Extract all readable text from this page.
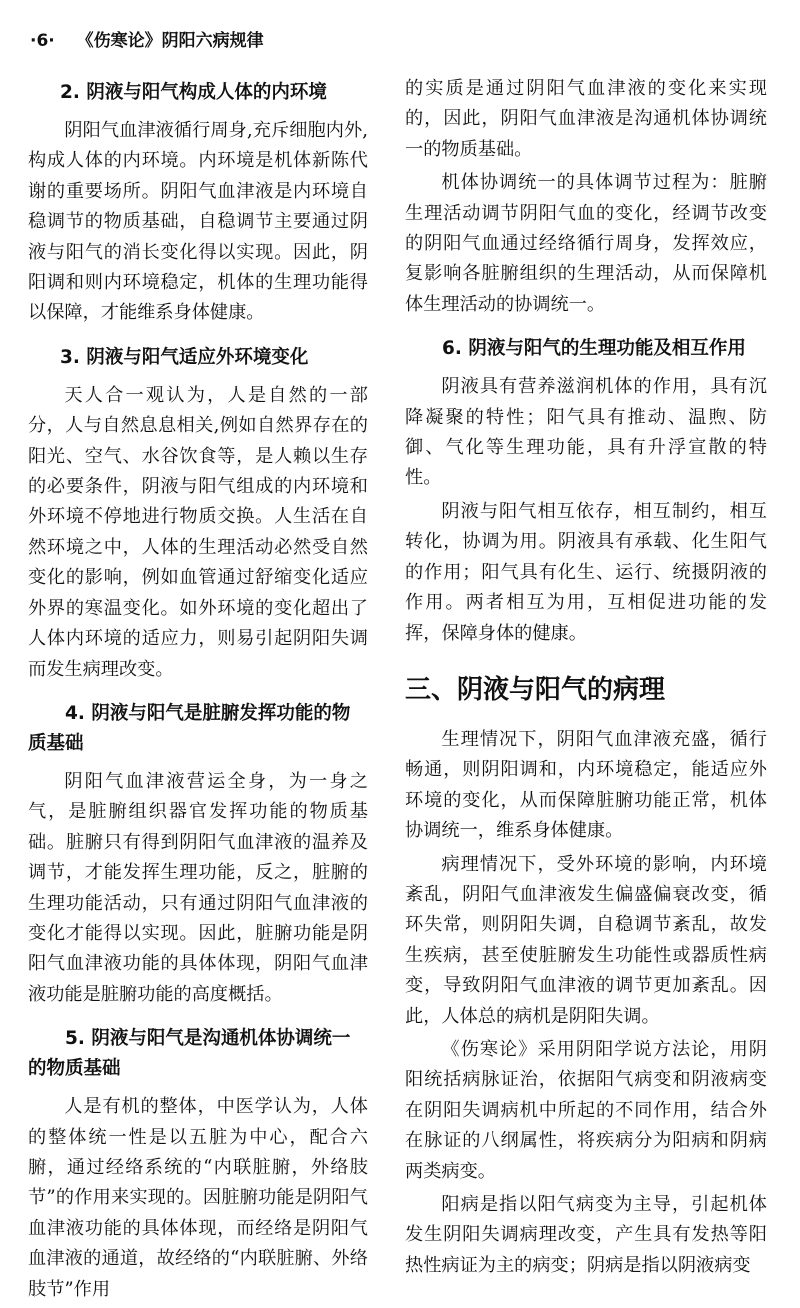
·6· 《伤寒论》阴阳六病规律
2. 阴液与阳气构成人体的内环境

阴阳气血津液循行周身,充斥细胞内外,构成人体的内环境。内环境是机体新陈代谢的重要场所。阴阳气血津液是内环境自稳调节的物质基础，自稳调节主要通过阴液与阳气的消长变化得以实现。因此，阴阳调和则内环境稳定，机体的生理功能得以保障，才能维系身体健康。

3. 阴液与阳气适应外环境变化

天人合一观认为，人是自然的一部分，人与自然息息相关,例如自然界存在的阳光、空气、水谷饮食等，是人赖以生存的必要条件，阴液与阳气组成的内环境和外环境不停地进行物质交换。人生活在自然环境之中，人体的生理活动必然受自然变化的影响，例如血管通过舒缩变化适应外界的寒温变化。如外环境的变化超出了人体内环境的适应力，则易引起阴阳失调而发生病理改变。

4. 阴液与阳气是脏腑发挥功能的物质基础

阴阳气血津液营运全身，为一身之气，是脏腑组织器官发挥功能的物质基础。脏腑只有得到阴阳气血津液的温养及调节，才能发挥生理功能，反之，脏腑的生理功能活动，只有通过阴阳气血津液的变化才能得以实现。因此，脏腑功能是阴阳气血津液功能的具体体现，阴阳气血津液功能是脏腑功能的高度概括。

5. 阴液与阳气是沟通机体协调统一的物质基础

人是有机的整体，中医学认为，人体的整体统一性是以五脏为中心，配合六腑，通过经络系统的“内联脏腑，外络肢节”的作用来实现的。因脏腑功能是阴阳气血津液功能的具体体现，而经络是阴阳气血津液的通道，故经络的“内联脏腑、外络肢节”作用

的实质是通过阴阳气血津液的变化来实现的，因此，阴阳气血津液是沟通机体协调统一的物质基础。

机体协调统一的具体调节过程为：脏腑生理活动调节阴阳气血的变化，经调节改变的阴阳气血通过经络循行周身，发挥效应，复影响各脏腑组织的生理活动，从而保障机体生理活动的协调统一。

6. 阴液与阳气的生理功能及相互作用

阴液具有营养滋润机体的作用，具有沉降凝聚的特性；阳气具有推动、温煦、防御、气化等生理功能，具有升浮宣散的特性。

阴液与阳气相互依存，相互制约，相互转化，协调为用。阴液具有承载、化生阳气的作用；阳气具有化生、运行、统摄阴液的作用。两者相互为用，互相促进功能的发挥，保障身体的健康。

三、阴液与阳气的病理

生理情况下，阴阳气血津液充盛，循行畅通，则阴阳调和，内环境稳定，能适应外环境的变化，从而保障脏腑功能正常，机体协调统一，维系身体健康。

病理情况下，受外环境的影响，内环境紊乱，阴阳气血津液发生偏盛偏衰改变，循环失常，则阴阳失调，自稳调节紊乱，故发生疾病，甚至使脏腑发生功能性或器质性病变，导致阴阳气血津液的调节更加紊乱。因此，人体总的病机是阴阳失调。

《伤寒论》采用阴阳学说方法论，用阴阳统括病脉证治，依据阳气病变和阴液病变在阴阳失调病机中所起的不同作用，结合外在脉证的八纲属性，将疾病分为阳病和阴病两类病变。

阳病是指以阳气病变为主导，引起机体发生阴阳失调病理改变，产生具有发热等阳热性病证为主的病变；阴病是指以阴液病变
